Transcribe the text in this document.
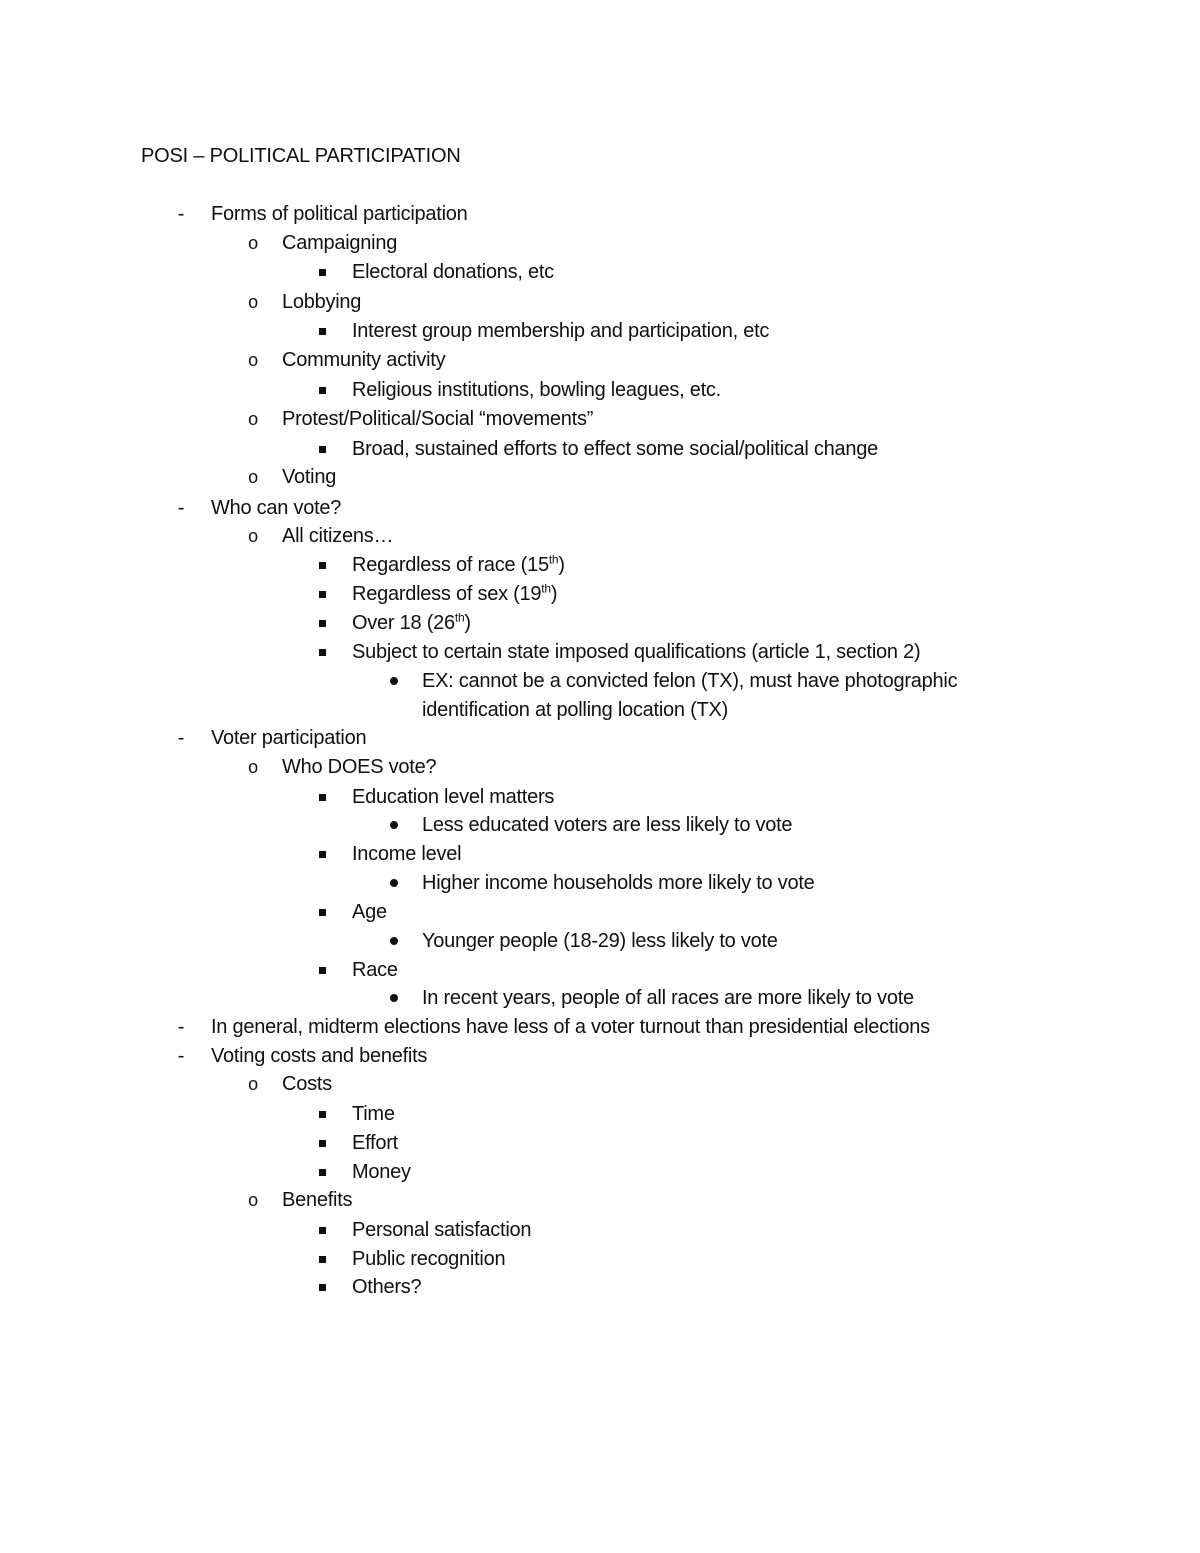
POSI – POLITICAL PARTICIPATION
- Forms of political participation
o Campaigning
Electoral donations, etc
o Lobbying
Interest group membership and participation, etc
o Community activity
Religious institutions, bowling leagues, etc.
o Protest/Political/Social “movements”
Broad, sustained efforts to effect some social/political change
o Voting
- Who can vote?
o All citizens…
Regardless of race (15th)
Regardless of sex (19th)
Over 18 (26th)
Subject to certain state imposed qualifications (article 1, section 2)
EX: cannot be a convicted felon (TX), must have photographic
identification at polling location (TX)
- Voter participation
o Who DOES vote?
Education level matters
Less educated voters are less likely to vote
Income level
Higher income households more likely to vote
Age
Younger people (18-29) less likely to vote
Race
In recent years, people of all races are more likely to vote
- In general, midterm elections have less of a voter turnout than presidential elections
- Voting costs and benefits
o Costs
Time
Effort
Money
o Benefits
Personal satisfaction
Public recognition
Others?
